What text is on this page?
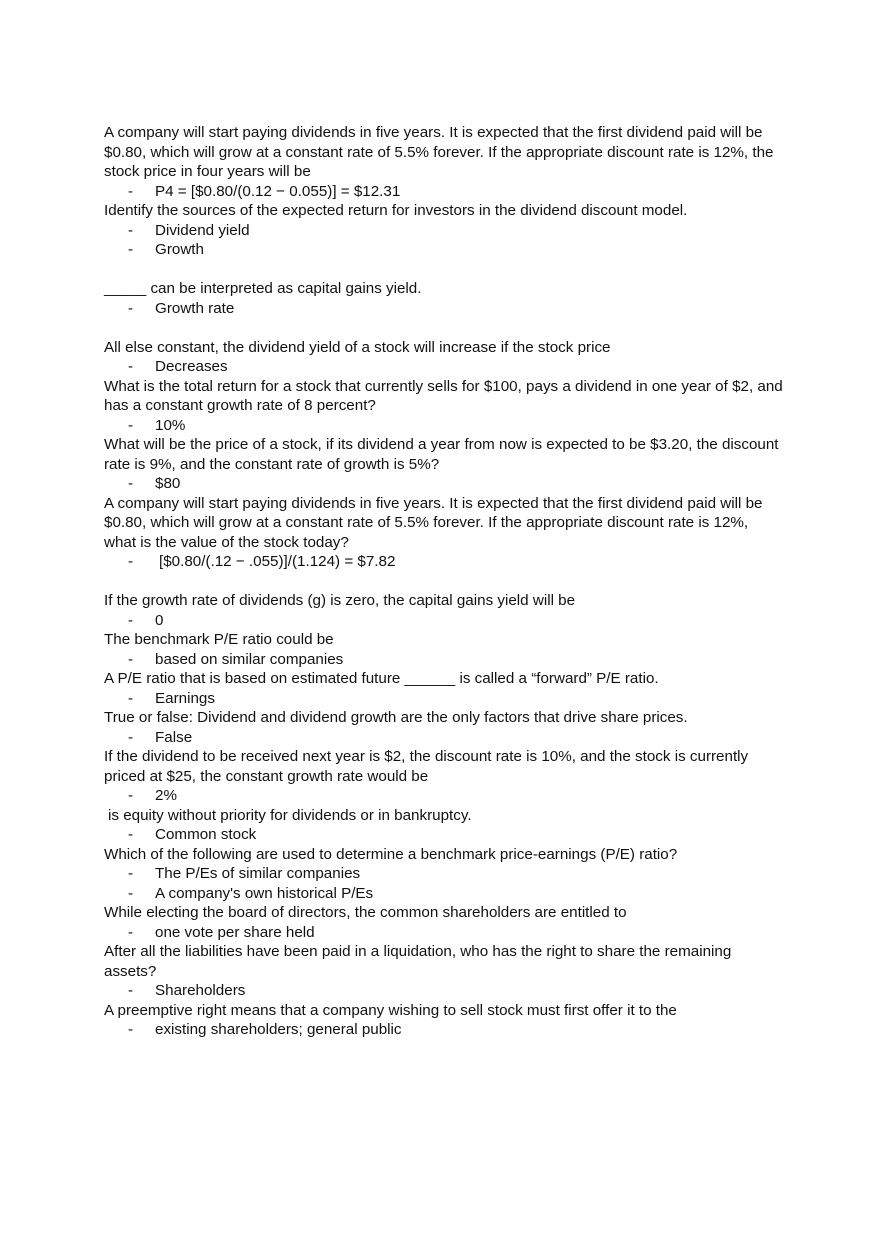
A company will start paying dividends in five years. It is expected that the first dividend paid will be $0.80, which will grow at a constant rate of 5.5% forever. If the appropriate discount rate is 12%, the stock price in four years will be

- P4 = [$0.80/(0.12 − 0.055)] = $12.31

Identify the sources of the expected return for investors in the dividend discount model.

- Dividend yield
- Growth

_____ can be interpreted as capital gains yield.

- Growth rate

All else constant, the dividend yield of a stock will increase if the stock price

- Decreases

What is the total return for a stock that currently sells for $100, pays a dividend in one year of $2, and has a constant growth rate of 8 percent?

- 10%

What will be the price of a stock, if its dividend a year from now is expected to be $3.20, the discount rate is 9%, and the constant rate of growth is 5%?

- $80

A company will start paying dividends in five years. It is expected that the first dividend paid will be $0.80, which will grow at a constant rate of 5.5% forever. If the appropriate discount rate is 12%, what is the value of the stock today?

- [$0.80/(.12 − .055)]/(1.124) = $7.82

If the growth rate of dividends (g) is zero, the capital gains yield will be

- 0

The benchmark P/E ratio could be

- based on similar companies

A P/E ratio that is based on estimated future ______ is called a “forward” P/E ratio.

- Earnings

True or false: Dividend and dividend growth are the only factors that drive share prices.

- False

If the dividend to be received next year is $2, the discount rate is 10%, and the stock is currently priced at $25, the constant growth rate would be

- 2%

is equity without priority for dividends or in bankruptcy.

- Common stock

Which of the following are used to determine a benchmark price-earnings (P/E) ratio?

- The P/Es of similar companies
- A company's own historical P/Es

While electing the board of directors, the common shareholders are entitled to

- one vote per share held

After all the liabilities have been paid in a liquidation, who has the right to share the remaining assets?

- Shareholders

A preemptive right means that a company wishing to sell stock must first offer it to the

- existing shareholders; general public
